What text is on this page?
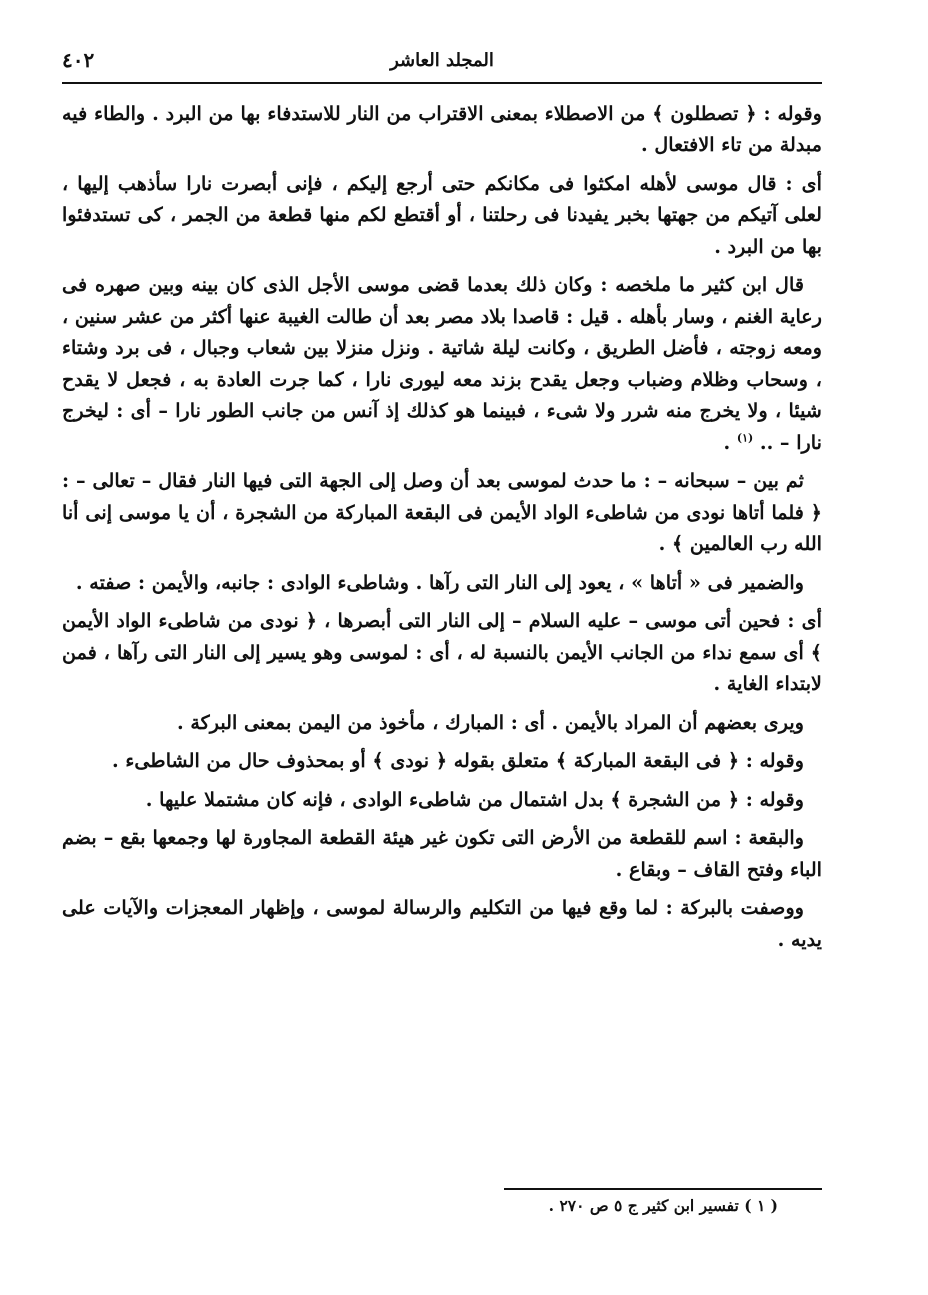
٤٠٢	المجلد العاشر

وقوله : ﴿ تصطلون ﴾ من الاصطلاء بمعنى الاقتراب من النار للاستدفاء بها من البرد . والطاء فيه مبدلة من تاء الافتعال .

أى : قال موسى لأهله امكثوا فى مكانكم حتى أرجع إليكم ، فإنى أبصرت نارا سأذهب إليها ، لعلى آتيكم من جهتها بخبر يفيدنا فى رحلتنا ، أو أقتطع لكم منها قطعة من الجمر ، كى تستدفئوا بها من البرد .

قال ابن كثير ما ملخصه : وكان ذلك بعدما قضى موسى الأجل الذى كان بينه وبين صهره فى رعاية الغنم ، وسار بأهله . قيل : قاصدا بلاد مصر بعد أن طالت الغيبة عنها أكثر من عشر سنين ، ومعه زوجته ، فأضل الطريق ، وكانت ليلة شاتية . ونزل منزلا بين شعاب وجبال ، فى برد وشتاء ، وسحاب وظلام وضباب وجعل يقدح بزند معه ليورى نارا ، كما جرت العادة به ، فجعل لا يقدح شيئا ، ولا يخرج منه شرر ولا شىء ، فبينما هو كذلك إذ آنس من جانب الطور نارا – أى : ليخرج نارا – .. $^{(١)}$ .

ثم بين – سبحانه – : ما حدث لموسى بعد أن وصل إلى الجهة التى فيها النار فقال – تعالى – : ﴿ فلما أتاها نودى من شاطىء الواد الأيمن فى البقعة المباركة من الشجرة ، أن يا موسى إنى أنا الله رب العالمين ﴾ .

والضمير فى « أتاها » ، يعود إلى النار التى رآها . وشاطىء الوادى : جانبه، والأيمن : صفته .

أى : فحين أتى موسى – عليه السلام – إلى النار التى أبصرها ، ﴿ نودى من شاطىء الواد الأيمن ﴾ أى سمع نداء من الجانب الأيمن بالنسبة له ، أى : لموسى وهو يسير إلى النار التى رآها ، فمن لابتداء الغاية .

ويرى بعضهم أن المراد بالأيمن . أى : المبارك ، مأخوذ من اليمن بمعنى البركة .

وقوله : ﴿ فى البقعة المباركة ﴾ متعلق بقوله ﴿ نودى ﴾ أو بمحذوف حال من الشاطىء .

وقوله : ﴿ من الشجرة ﴾ بدل اشتمال من شاطىء الوادى ، فإنه كان مشتملا عليها .

والبقعة : اسم للقطعة من الأرض التى تكون غير هيئة القطعة المجاورة لها وجمعها بقع – بضم الباء وفتح القاف – وبقاع .

ووصفت بالبركة : لما وقع فيها من التكليم والرسالة لموسى ، وإظهار المعجزات والآيات على يديه .

( ١ ) تفسير ابن كثير ج ٥ ص ٢٧٠ .
